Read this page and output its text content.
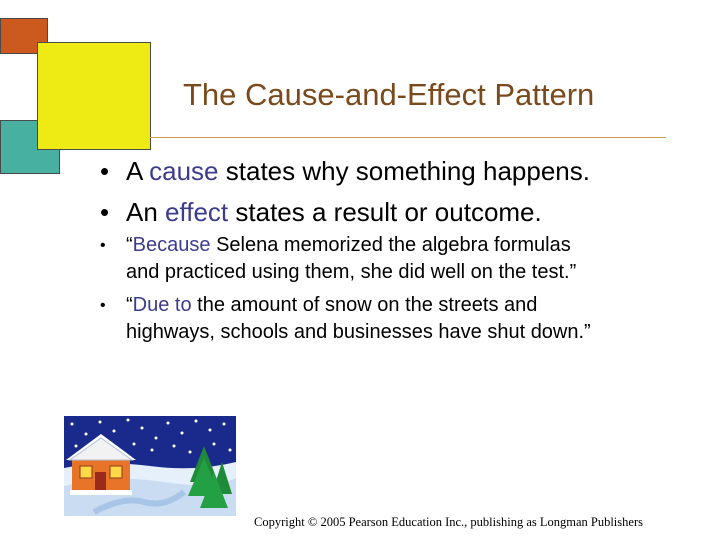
The Cause-and-Effect Pattern
• A cause states why something happens.
• An effect states a result or outcome.
• “Because Selena memorized the algebra formulas
and practiced using them, she did well on the test.”
• “Due to the amount of snow on the streets and
highways, schools and businesses have shut down.”
Copyright © 2005 Pearson Education Inc., publishing as Longman Publishers
